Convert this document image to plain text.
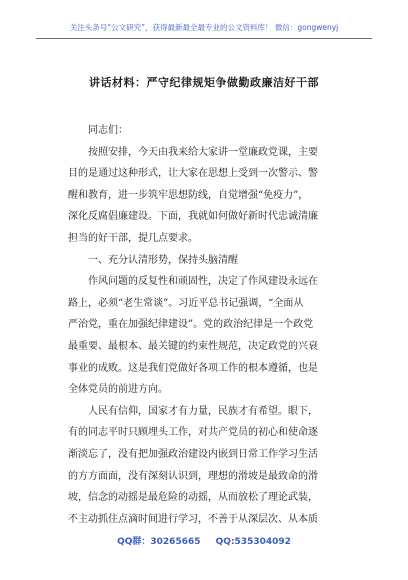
关注头条号“公文研究”，获得最新最全最专业的公文资料库！ 微信：gongwenyj
讲话材料：严守纪律规矩争做勤政廉洁好干部
同志们：
按照安排，今天由我来给大家讲一堂廉政党课，主要
目的是通过这种形式，让大家在思想上受到一次警示、警
醒和教育，进一步筑牢思想防线，自觉增强“免疫力”，
深化反腐倡廉建设。下面，我就如何做好新时代忠诚清廉
担当的好干部，提几点要求。
一、充分认清形势，保持头脑清醒
作风问题的反复性和顽固性，决定了作风建设永远在
路上，必须“老生常谈”。习近平总书记强调，“全面从
严治党，重在加强纪律建设”。党的政治纪律是一个政党
最重要、最根本、最关键的约束性规范，决定政党的兴衰
事业的成败。这是我们党做好各项工作的根本遵循，也是
全体党员的前进方向。
人民有信仰，国家才有力量，民族才有希望。眼下，
有的同志平时只顾埋头工作，对共产党员的初心和使命逐
渐淡忘了，没有把加强政治建设内嵌到日常工作学习生活
的方方面面，没有深刻认识到，理想的滑坡是最致命的滑
坡，信念的动摇是最危险的动摇，从而放松了理论武装，
不主动抓住点滴时间进行学习，不善于从深层次、从本质
QQ群：30265665 QQ:535304092
